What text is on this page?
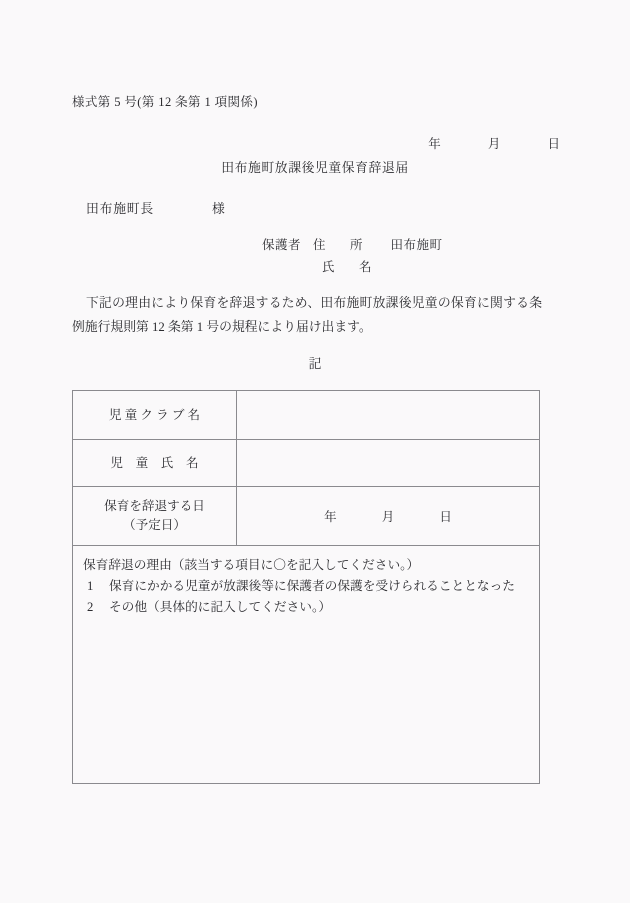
様式第 5 号(第 12 条第 1 項関係)
年	月	日
田布施町放課後児童保育辞退届
田布施町長	様
保護者 住　所 田布施町
氏　名
下記の理由により保育を辞退するため、田布施町放課後児童の保育に関する条例施行規則第 12 条第 1 号の規程により届け出ます。
記
児 童 ク ラ ブ 名	
児　童　氏　名	

保育を辞退する日
（予定日）	年 月 日

保育辞退の理由（該当する項目に〇を記入してください。）
1 保育にかかる児童が放課後等に保護者の保護を受けられることとなった
2 その他（具体的に記入してください。）	
